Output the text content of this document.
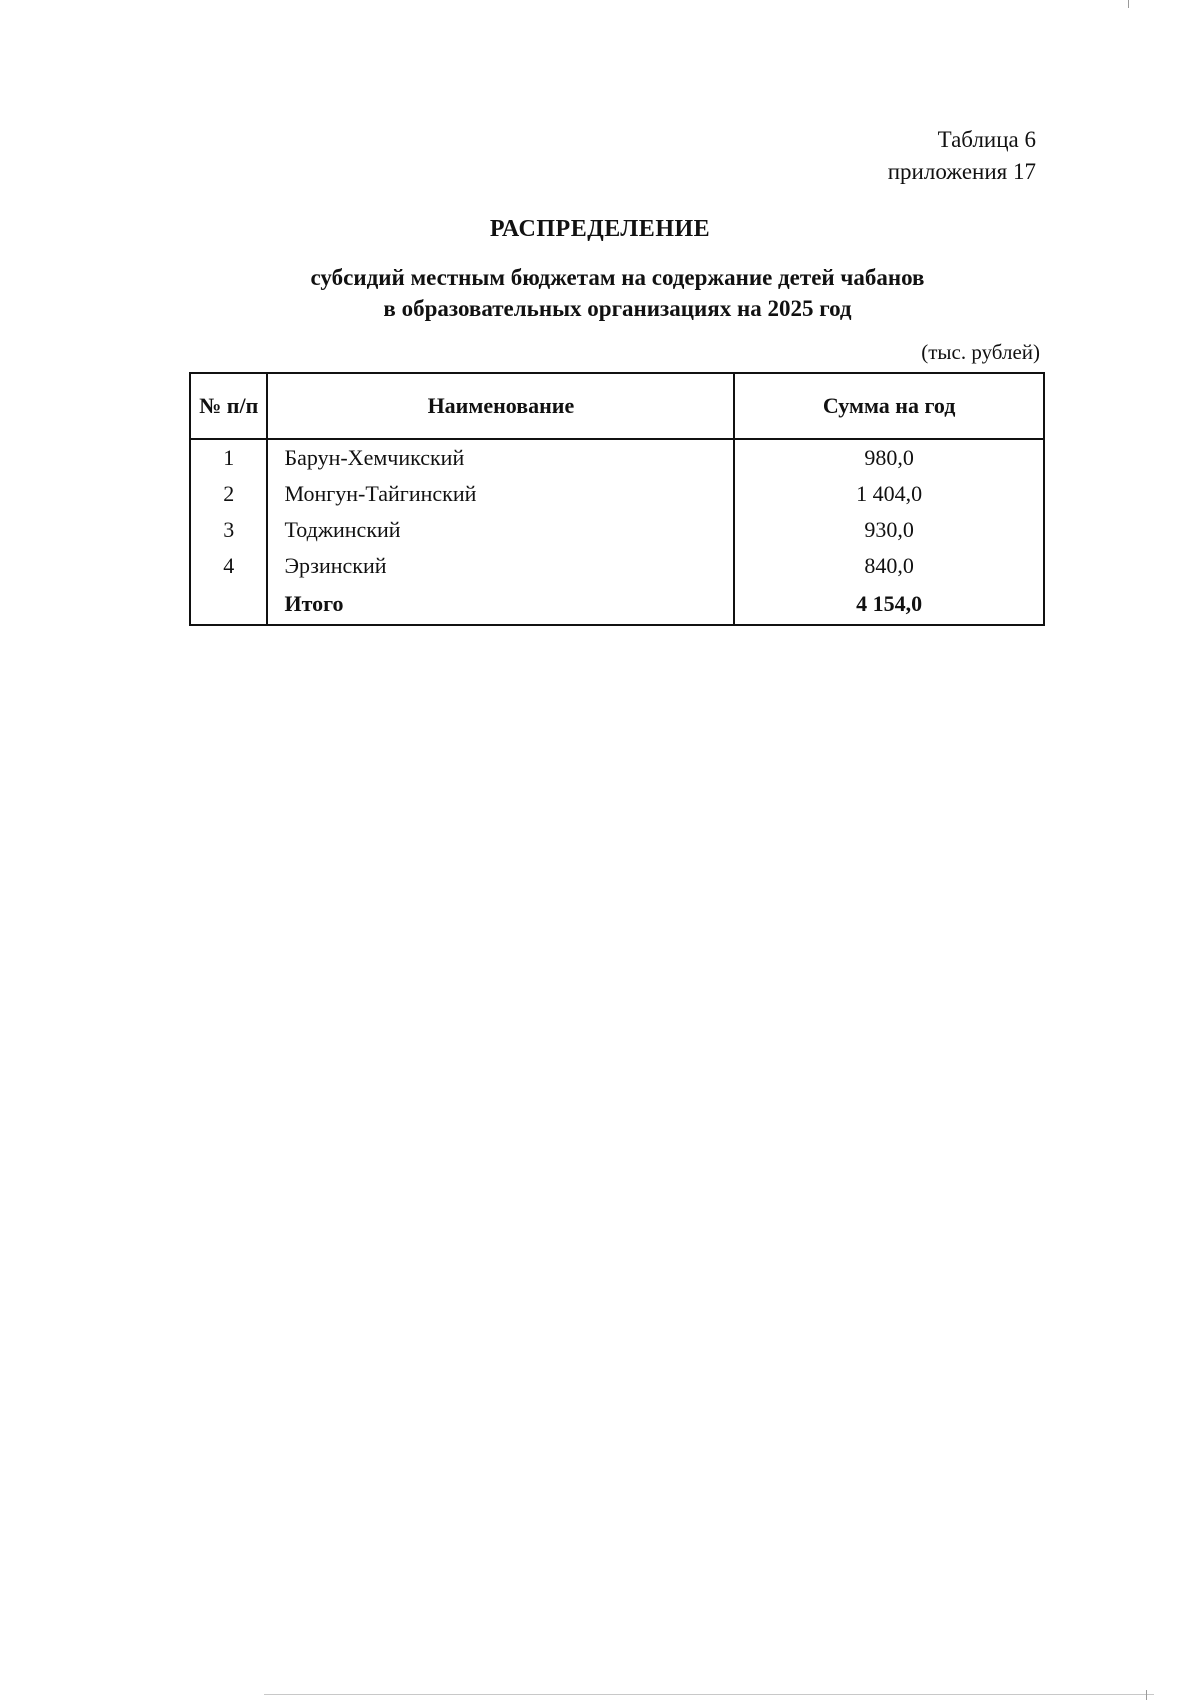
Таблица 6
приложения 17
РАСПРЕДЕЛЕНИЕ
субсидий местным бюджетам на содержание детей чабанов
в образовательных организациях на 2025 год
(тыс. рублей)
№ п/п	Наименование	Сумма на год
1	Барун-Хемчикский	980,0
2	Монгун-Тайгинский	1 404,0
3	Тоджинский	930,0
4	Эрзинский	840,0
	Итого	4 154,0
